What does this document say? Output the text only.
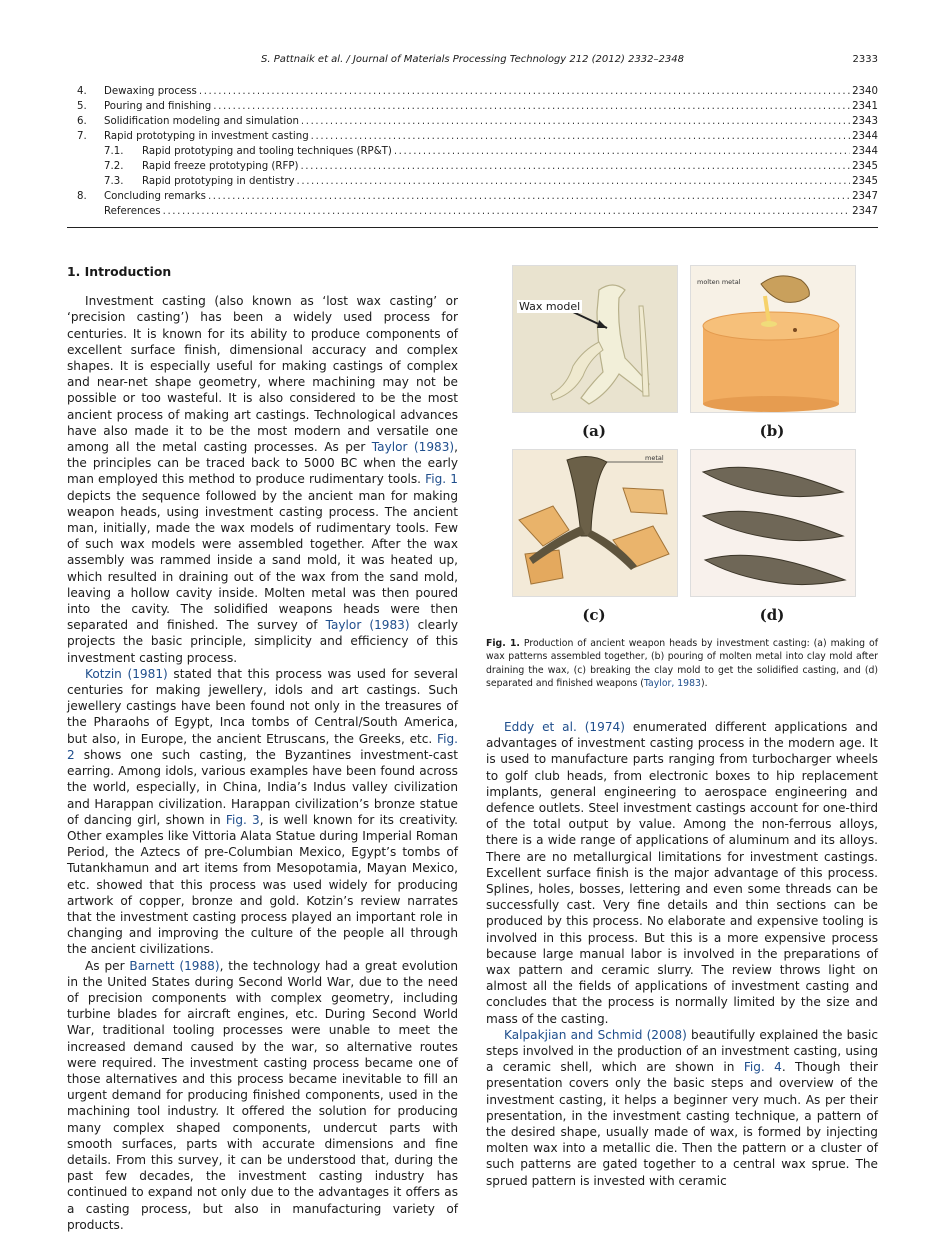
S. Pattnaik et al. / Journal of Materials Processing Technology 212 (2012) 2332–2348	2333
4.	Dewaxing process .....	2340
5.	Pouring and finishing .....	2341
6.	Solidification modeling and simulation .....	2343
7.	Rapid prototyping in investment casting .....	2344
7.1.	Rapid prototyping and tooling techniques (RP&T) .....	2344
7.2.	Rapid freeze prototyping (RFP) .....	2345
7.3.	Rapid prototyping in dentistry .....	2345
8.	Concluding remarks .....	2347
References .....	2347

1. Introduction

Investment casting (also known as ‘lost wax casting’ or ‘precision casting’) has been a widely used process for centuries. It is known for its ability to produce components of excellent surface finish, dimensional accuracy and complex shapes. It is especially useful for making castings of complex and near-net shape geometry, where machining may not be possible or too wasteful. It is also considered to be the most ancient process of making art castings. Technological advances have also made it to be the most modern and versatile one among all the metal casting processes. As per Taylor (1983), the principles can be traced back to 5000 BC when the early man employed this method to produce rudimentary tools. Fig. 1 depicts the sequence followed by the ancient man for making weapon heads, using investment casting process. The ancient man, initially, made the wax models of rudimentary tools. Few of such wax models were assembled together. After the wax assembly was rammed inside a sand mold, it was heated up, which resulted in draining out of the wax from the sand mold, leaving a hollow cavity inside. Molten metal was then poured into the cavity. The solidified weapons heads were then separated and finished. The survey of Taylor (1983) clearly projects the basic principle, simplicity and efficiency of this investment casting process.

Kotzin (1981) stated that this process was used for several centuries for making jewellery, idols and art castings. Such jewellery castings have been found not only in the treasures of the Pharaohs of Egypt, Inca tombs of Central/South America, but also, in Europe, the ancient Etruscans, the Greeks, etc. Fig. 2 shows one such casting, the Byzantines investment-cast earring. Among idols, various examples have been found across the world, especially, in China, India’s Indus valley civilization and Harappan civilization. Harappan civilization’s bronze statue of dancing girl, shown in Fig. 3, is well known for its creativity. Other examples like Vittoria Alata Statue during Imperial Roman Period, the Aztecs of pre-Columbian Mexico, Egypt’s tombs of Tutankhamun and art items from Mesopotamia, Mayan Mexico, etc. showed that this process was used widely for producing artwork of copper, bronze and gold. Kotzin’s review narrates that the investment casting process played an important role in changing and improving the culture of the people all through the ancient civilizations.

As per Barnett (1988), the technology had a great evolution in the United States during Second World War, due to the need of precision components with complex geometry, including turbine blades for aircraft engines, etc. During Second World War, traditional tooling processes were unable to meet the increased demand caused by the war, so alternative routes were required. The investment casting process became one of those alternatives and this process became inevitable to fill an urgent demand for producing finished components, used in the machining tool industry. It offered the solution for producing many complex shaped components, undercut parts with smooth surfaces, parts with accurate dimensions and fine details. From this survey, it can be understood that, during the past few decades, the investment casting industry has continued to expand not only due to the advantages it offers as a casting process, but also in manufacturing variety of products.

Wax model
(a)
molten metal
(b)
metal
(c)	(d)
Fig. 1. Production of ancient weapon heads by investment casting: (a) making of wax patterns assembled together, (b) pouring of molten metal into clay mold after draining the wax, (c) breaking the clay mold to get the solidified casting, and (d) separated and finished weapons (Taylor, 1983).

Eddy et al. (1974) enumerated different applications and advantages of investment casting process in the modern age. It is used to manufacture parts ranging from turbocharger wheels to golf club heads, from electronic boxes to hip replacement implants, general engineering to aerospace engineering and defence outlets. Steel investment castings account for one-third of the total output by value. Among the non-ferrous alloys, there is a wide range of applications of aluminum and its alloys. There are no metallurgical limitations for investment castings. Excellent surface finish is the major advantage of this process. Splines, holes, bosses, lettering and even some threads can be successfully cast. Very fine details and thin sections can be produced by this process. No elaborate and expensive tooling is involved in this process. But this is a more expensive process because large manual labor is involved in the preparations of wax pattern and ceramic slurry. The review throws light on almost all the fields of applications of investment casting and concludes that the process is normally limited by the size and mass of the casting.

Kalpakjian and Schmid (2008) beautifully explained the basic steps involved in the production of an investment casting, using a ceramic shell, which are shown in Fig. 4. Though their presentation covers only the basic steps and overview of the investment casting, it helps a beginner very much. As per their presentation, in the investment casting technique, a pattern of the desired shape, usually made of wax, is formed by injecting molten wax into a metallic die. Then the pattern or a cluster of such patterns are gated together to a central wax sprue. The sprued pattern is invested with ceramic
